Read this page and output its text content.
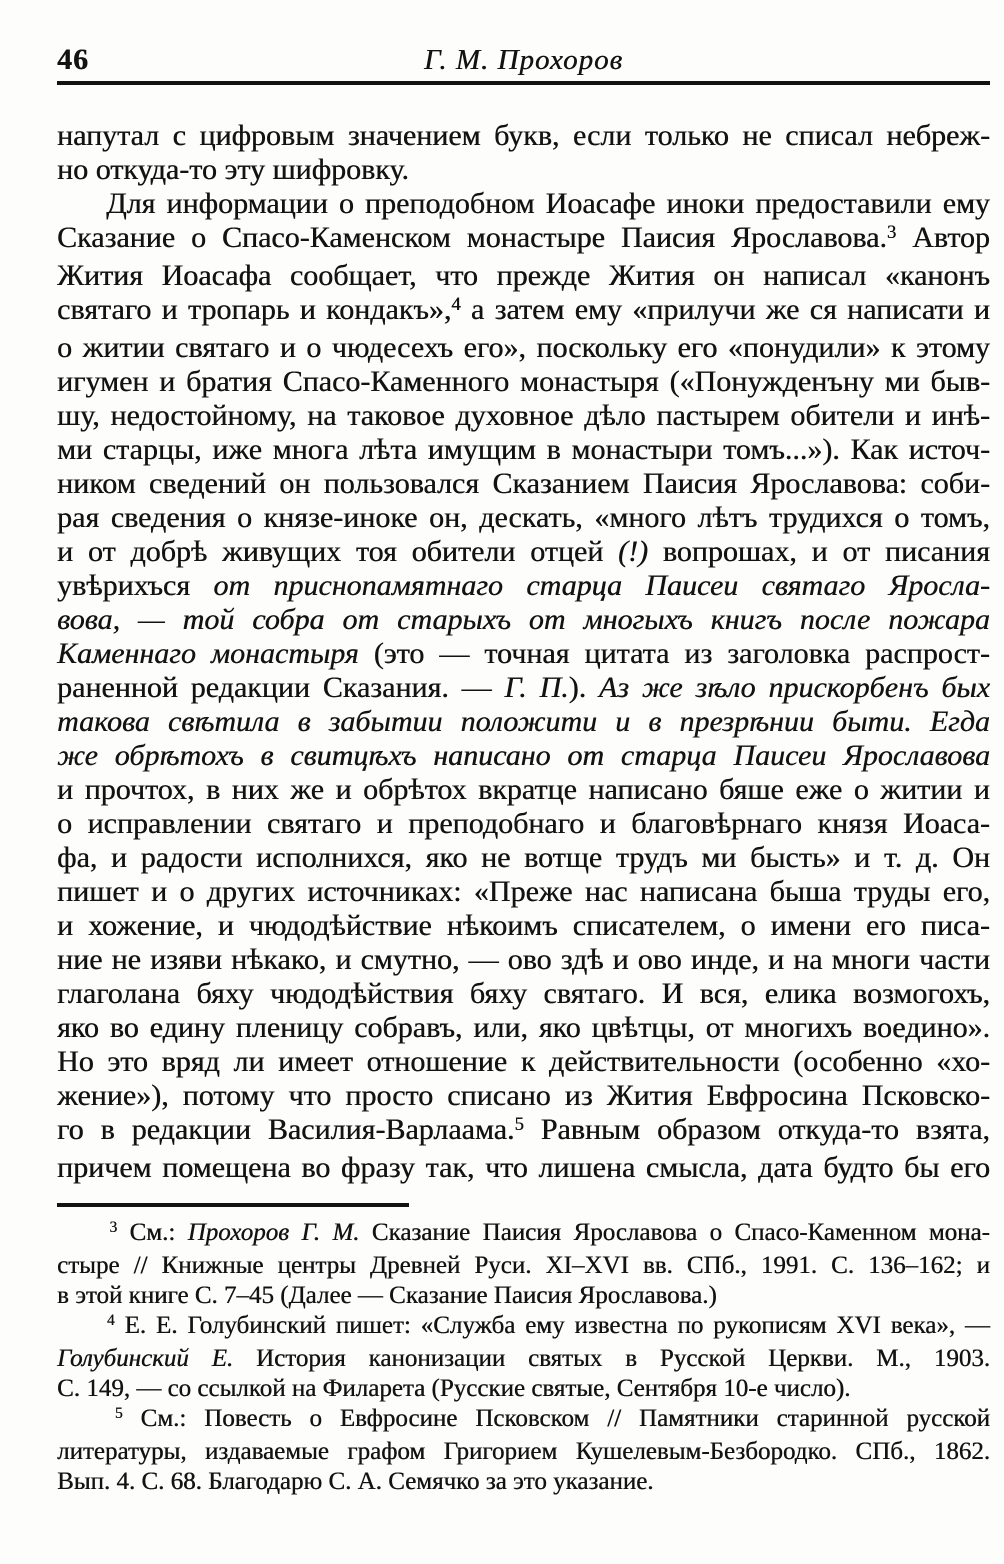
46	Г. М. Прохоров
напутал с цифровым значением букв, если только не списал небреж-
но откуда-то эту шифровку.
Для информации о преподобном Иоасафе иноки предоставили ему
Сказание о Спасо-Каменском монастыре Паисия Ярославова.$^3$ Автор
Жития Иоасафа сообщает, что прежде Жития он написал «канонъ
святаго и тропарь и кондакъ»,$^4$ а затем ему «прилучи же ся написати и
о житии святаго и о чюдесехъ его», поскольку его «понудили» к этому
игумен и братия Спасо-Каменного монастыря («Понужденъну ми быв-
шу, недостойному, на таковое духовное дѣло пастырем обители и инѣ-
ми старцы, иже многа лѣта имущим в монастыри томъ...»). Как источ-
ником сведений он пользовался Сказанием Паисия Ярославова: соби-
рая сведения о князе-иноке он, дескать, «много лѣтъ трудихся о томъ,
и от добрѣ живущих тоя обители отцей (!) вопрошах, и от писания
увѣрихъся от приснопамятнаго старца Паисеи святаго Яросла-
вова, — той собра от старыхъ от многыхъ книгъ после пожара
Каменнаго монастыря (это — точная цитата из заголовка распрост-
раненной редакции Сказания. — Г. П.). Аз же зѣло прискорбенъ бых
такова свѣтила в забытии положити и в презрѣнии быти. Егда
же обрѣтохъ в свитцѣхъ написано от старца Паисеи Ярославова
и прочтох, в них же и обрѣтох вкратце написано бяше еже о житии и
о исправлении святаго и преподобнаго и благовѣрнаго князя Иоаса-
фа, и радости исполнихся, яко не вотще трудъ ми бысть» и т. д. Он
пишет и о других источниках: «Преже нас написана быша труды его,
и хожение, и чюдодѣйствие нѣкоимъ списателем, о имени его писа-
ние не изяви нѣкако, и смутно, — ово здѣ и ово инде, и на многи части
глаголана бяху чюдодѣйствия бяху святаго. И вся, елика возмогохъ,
яко во едину пленицу собравъ, или, яко цвѣтцы, от многихъ воедино».
Но это вряд ли имеет отношение к действительности (особенно «хо-
жение»), потому что просто списано из Жития Евфросина Псковско-
го в редакции Василия-Варлаама.$^5$ Равным образом откуда-то взята,
причем помещена во фразу так, что лишена смысла, дата будто бы его
$^3$ См.: Прохоров Г. М. Сказание Паисия Ярославова о Спасо-Каменном мона-
стыре // Книжные центры Древней Руси. XI–XVI вв. СПб., 1991. С. 136–162; и
в этой книге С. 7–45 (Далее — Сказание Паисия Ярославова.)
$^4$ Е. Е. Голубинский пишет: «Служба ему известна по рукописям XVI века», —
Голубинский Е. История канонизации святых в Русской Церкви. М., 1903.
С. 149, — со ссылкой на Филарета (Русские святые, Сентября 10-е число).
$^5$ См.: Повесть о Евфросине Псковском // Памятники старинной русской
литературы, издаваемые графом Григорием Кушелевым-Безбородко. СПб., 1862.
Вып. 4. С. 68. Благодарю С. А. Семячко за это указание.
